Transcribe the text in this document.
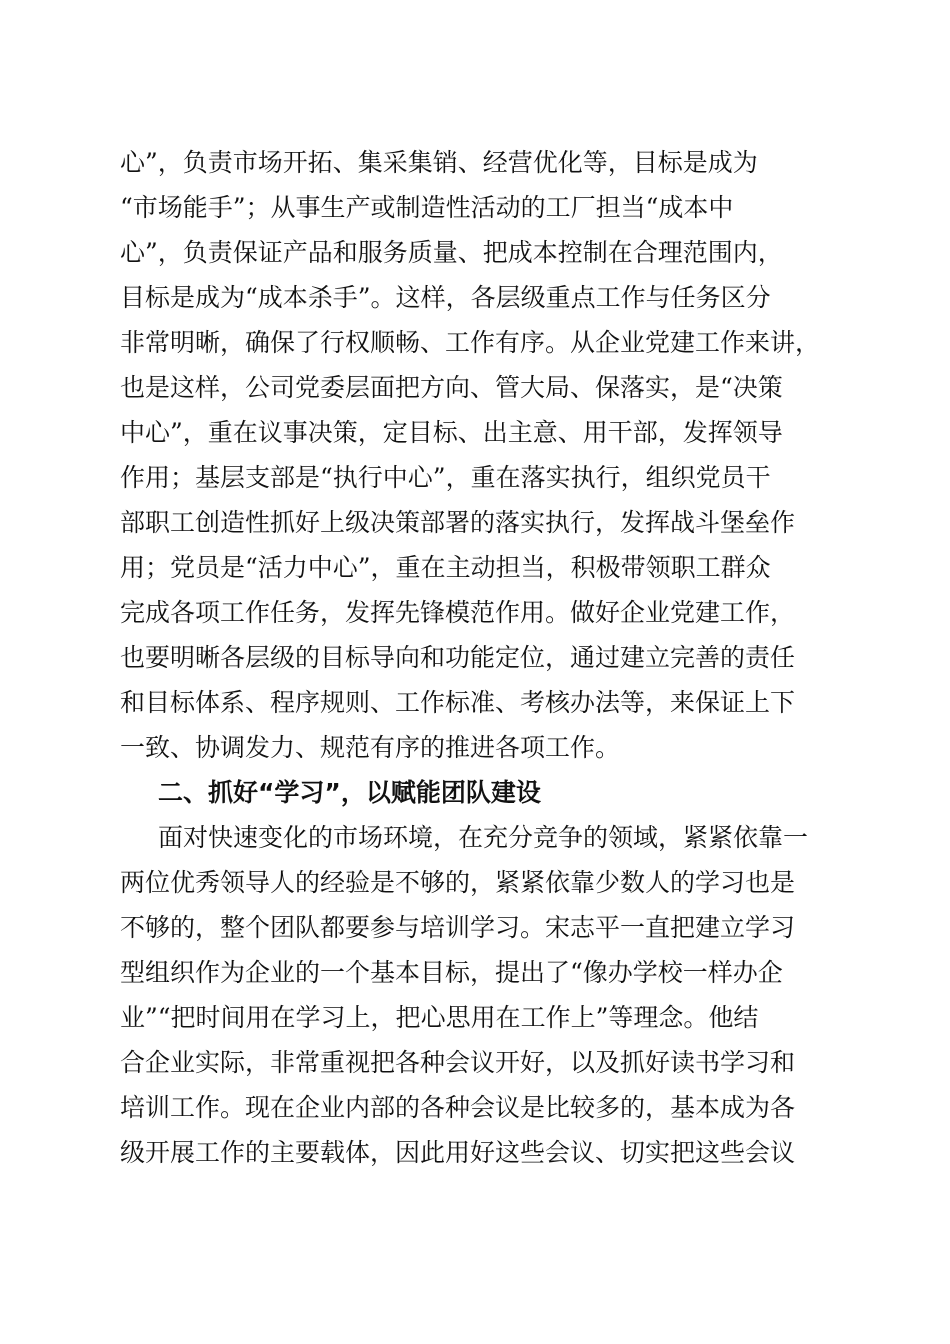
心”，负责市场开拓、集采集销、经营优化等，目标是成为
“市场能手”；从事生产或制造性活动的工厂担当“成本中
心”，负责保证产品和服务质量、把成本控制在合理范围内，
目标是成为“成本杀手”。这样，各层级重点工作与任务区分
非常明晰，确保了行权顺畅、工作有序。从企业党建工作来讲，
也是这样，公司党委层面把方向、管大局、保落实，是“决策
中心”，重在议事决策，定目标、出主意、用干部，发挥领导
作用；基层支部是“执行中心”，重在落实执行，组织党员干
部职工创造性抓好上级决策部署的落实执行，发挥战斗堡垒作
用；党员是“活力中心”，重在主动担当，积极带领职工群众
完成各项工作任务，发挥先锋模范作用。做好企业党建工作，
也要明晰各层级的目标导向和功能定位，通过建立完善的责任
和目标体系、程序规则、工作标准、考核办法等，来保证上下
一致、协调发力、规范有序的推进各项工作。
二、抓好“学习”，以赋能团队建设
面对快速变化的市场环境，在充分竞争的领域，紧紧依靠一
两位优秀领导人的经验是不够的，紧紧依靠少数人的学习也是
不够的，整个团队都要参与培训学习。宋志平一直把建立学习
型组织作为企业的一个基本目标，提出了“像办学校一样办企
业”“把时间用在学习上，把心思用在工作上”等理念。他结
合企业实际，非常重视把各种会议开好，以及抓好读书学习和
培训工作。现在企业内部的各种会议是比较多的，基本成为各
级开展工作的主要载体，因此用好这些会议、切实把这些会议
